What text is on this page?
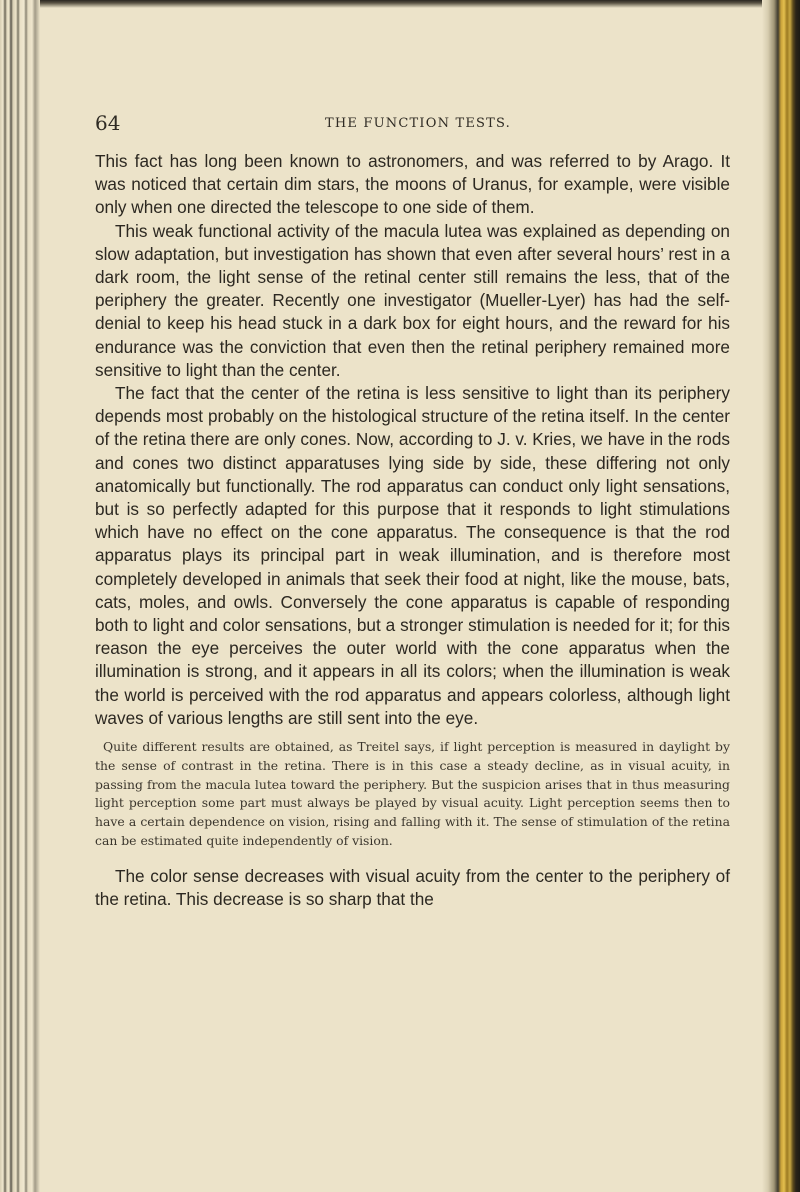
64	THE FUNCTION TESTS.

This fact has long been known to astronomers, and was referred to by Arago. It was noticed that certain dim stars, the moons of Uranus, for example, were visible only when one directed the telescope to one side of them.

This weak functional activity of the macula lutea was explained as depending on slow adaptation, but investigation has shown that even after several hours’ rest in a dark room, the light sense of the retinal center still remains the less, that of the periphery the greater. Recently one investigator (Mueller-Lyer) has had the self-denial to keep his head stuck in a dark box for eight hours, and the reward for his endurance was the conviction that even then the retinal periphery remained more sensitive to light than the center.

The fact that the center of the retina is less sensitive to light than its periphery depends most probably on the histological structure of the retina itself. In the center of the retina there are only cones. Now, according to J. v. Kries, we have in the rods and cones two distinct apparatuses lying side by side, these differing not only anatomically but functionally. The rod apparatus can conduct only light sensations, but is so perfectly adapted for this purpose that it responds to light stimulations which have no effect on the cone apparatus. The consequence is that the rod apparatus plays its principal part in weak illumination, and is therefore most completely developed in animals that seek their food at night, like the mouse, bats, cats, moles, and owls. Conversely the cone apparatus is capable of responding both to light and color sensations, but a stronger stimulation is needed for it; for this reason the eye perceives the outer world with the cone apparatus when the illumination is strong, and it appears in all its colors; when the illumination is weak the world is perceived with the rod apparatus and appears colorless, although light waves of various lengths are still sent into the eye.

Quite different results are obtained, as Treitel says, if light perception is measured in daylight by the sense of contrast in the retina. There is in this case a steady decline, as in visual acuity, in passing from the macula lutea toward the periphery. But the suspicion arises that in thus measuring light perception some part must always be played by visual acuity. Light perception seems then to have a certain dependence on vision, rising and falling with it. The sense of stimulation of the retina can be estimated quite independently of vision.

The color sense decreases with visual acuity from the center to the periphery of the retina. This decrease is so sharp that the
